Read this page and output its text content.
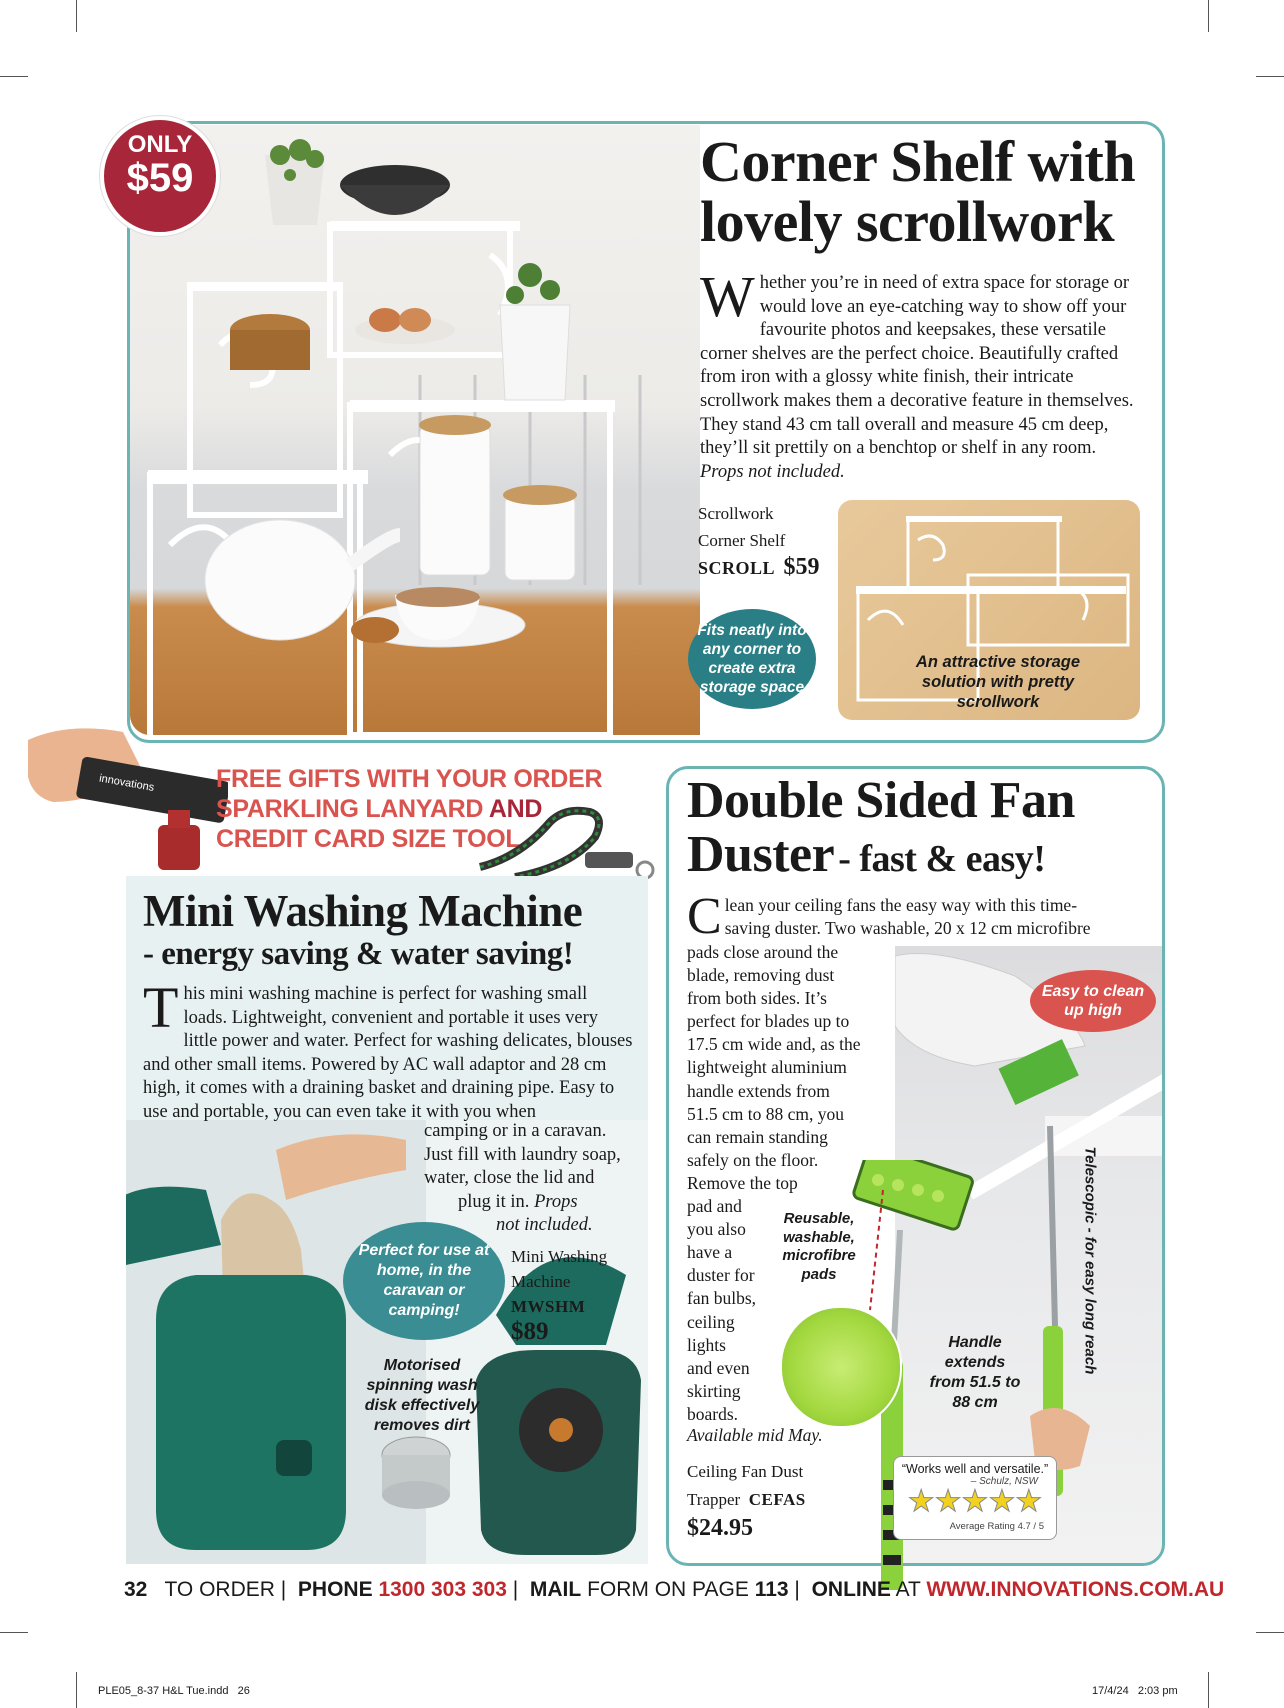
ONLY
$59	Corner Shelf with
lovely scrollwork
Whether you’re in need of extra space for storage or would love an eye-catching way to show off your favourite photos and keepsakes, these versatile corner shelves are the perfect choice. Beautifully crafted from iron with a glossy white finish, their intricate scrollwork makes them a decorative feature in themselves. They stand 43 cm tall overall and measure 45 cm deep, they’ll sit prettily on a benchtop or shelf in any room. Props not included.
Scrollwork
Corner Shelf
SCROLL $59
An attractive storage solution with pretty scrollwork
Fits neatly into any corner to create extra storage space
innovations FREE GIFTS WITH YOUR ORDER
SPARKLING LANYARD AND
CREDIT CARD SIZE TOOL
Mini Washing Machine
- energy saving & water saving!
This mini washing machine is perfect for washing small
loads. Lightweight, convenient and portable it uses very
little power and water. Perfect for washing delicates, blouses and other small items. Powered by AC wall adaptor and 28 cm high, it comes with a draining basket and draining pipe. Easy to use and portable, you can even take it with you when
camping or in a caravan.
Just fill with laundry soap,
water, close the lid and
plug it in. Props
not included.
Mini Washing
Machine
MWSHM
$89
Perfect for use at home, in the caravan or camping!
Motorised spinning wash disk effectively removes dirt
Double Sided Fan
Duster - fast & easy!
Clean your ceiling fans the easy way with this time-
saving duster. Two washable, 20 x 12 cm microfibre
pads close around the
blade, removing dust
from both sides. It’s
perfect for blades up to
17.5 cm wide and, as the
lightweight aluminium
handle extends from
51.5 cm to 88 cm, you
can remain standing
safely on the floor.
Remove the top
pad and
you also
have a
duster for
fan bulbs,
ceiling
lights
and even
skirting
boards.
Available mid May.
Ceiling Fan Dust
Trapper CEFAS
$24.95
Easy to clean up high
Reusable, washable, microfibre pads
Handle extends from 51.5 to 88 cm
Telescopic - for easy long reach
“Works well and versatile.”
– Schulz, NSW
★★★★★
Average Rating 4.7 / 5
32 TO ORDER |  PHONE 1300 303 303 |  MAIL FORM ON PAGE 113 |  ONLINE AT WWW.INNOVATIONS.COM.AU
PLE05_8-37 H&L Tue.indd   26	17/4/24   2:03 pm
